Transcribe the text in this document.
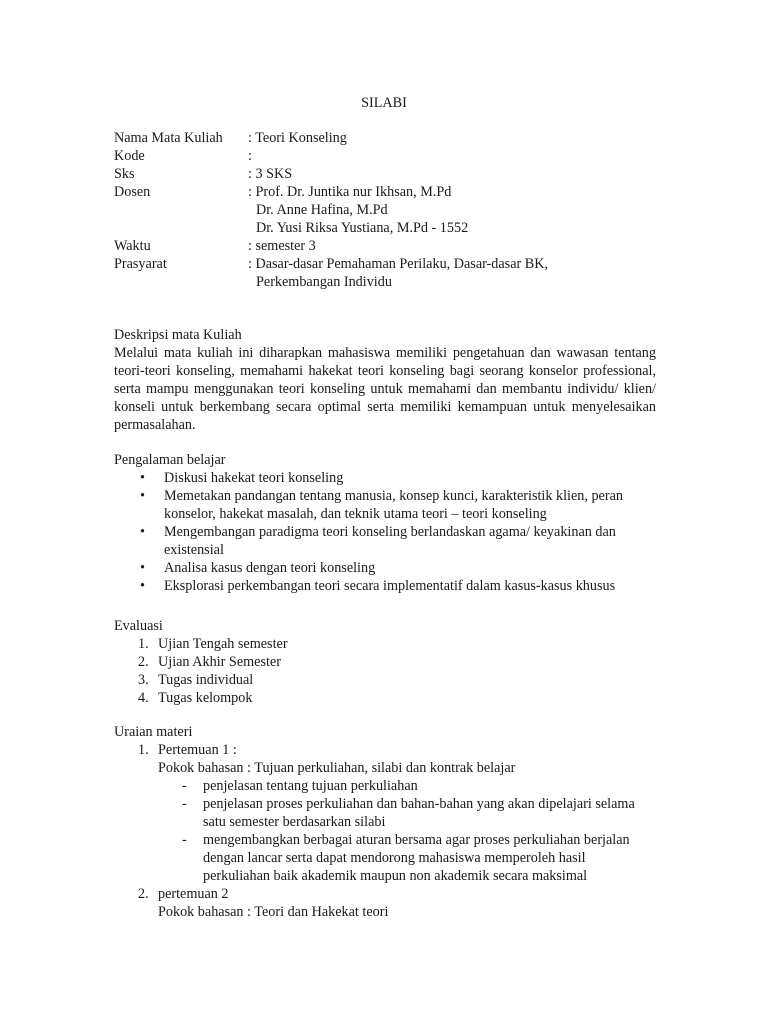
SILABI
Nama Mata Kuliah	: Teori Konseling
Kode	:
Sks	: 3 SKS
Dosen	: Prof. Dr. Juntika nur Ikhsan, M.Pd
Dr. Anne Hafina, M.Pd
Dr. Yusi Riksa Yustiana, M.Pd - 1552
Waktu	: semester 3
Prasyarat	: Dasar-dasar Pemahaman Perilaku, Dasar-dasar BK,
Perkembangan Individu
Deskripsi mata Kuliah
Melalui mata kuliah ini diharapkan mahasiswa memiliki pengetahuan dan wawasan tentang teori-teori konseling, memahami hakekat teori konseling bagi seorang konselor professional, serta mampu menggunakan teori konseling untuk memahami dan membantu individu/ klien/ konseli untuk berkembang secara optimal serta memiliki kemampuan untuk menyelesaikan permasalahan.
Pengalaman belajar
• Diskusi hakekat teori konseling
• Memetakan pandangan tentang manusia, konsep kunci, karakteristik klien, peran konselor, hakekat masalah, dan teknik utama teori – teori konseling
• Mengembangan paradigma teori konseling berlandaskan agama/ keyakinan dan existensial
• Analisa kasus dengan teori konseling
• Eksplorasi perkembangan teori secara implementatif dalam kasus-kasus khusus
Evaluasi
1. Ujian Tengah semester
2. Ujian Akhir Semester
3. Tugas individual
4. Tugas kelompok
Uraian materi
1. Pertemuan 1 :
Pokok bahasan : Tujuan perkuliahan, silabi dan kontrak belajar
- penjelasan tentang tujuan perkuliahan
- penjelasan proses perkuliahan dan bahan-bahan yang akan dipelajari selama satu semester berdasarkan silabi
- mengembangkan berbagai aturan bersama agar proses perkuliahan berjalan dengan lancar serta dapat mendorong mahasiswa memperoleh hasil perkuliahan baik akademik maupun non akademik secara maksimal
2. pertemuan 2
Pokok bahasan : Teori dan Hakekat teori
